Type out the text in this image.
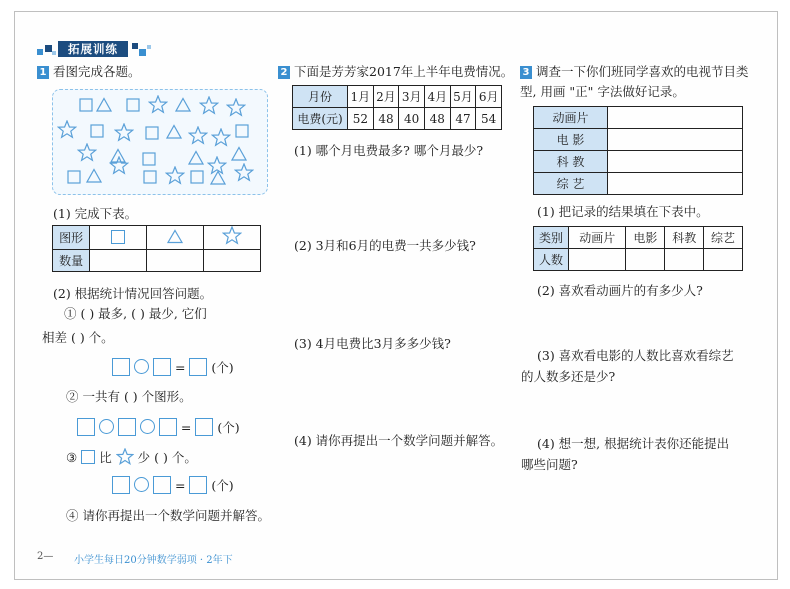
拓展训练
1 看图完成各题。
(1) 完成下表。
图形			
数量			
(2) 根据统计情况回答问题。
① ( ) 最多, ( ) 最少, 它们
相差 ( ) 个。
=  (个)
② 一共有 ( ) 个图形。
=  (个)
③ 比 少 ( ) 个。
=  (个)
④ 请你再提出一个数学问题并解答。
2 下面是芳芳家2017年上半年电费情况。
月份	1月	2月	3月	4月	5月	6月
电费(元)	52	48	40	48	47	54
(1) 哪个月电费最多? 哪个月最少?
(2) 3月和6月的电费一共多少钱?
(3) 4月电费比3月多多少钱?
(4) 请你再提出一个数学问题并解答。
3 调查一下你们班同学喜欢的电视节目类
型, 用画 "正" 字法做好记录。
动画片	
电 影	
科 教	
综 艺	
(1) 把记录的结果填在下表中。
类别	动画片	电影	科教	综艺
人数				
(2) 喜欢看动画片的有多少人?
(3) 喜欢看电影的人数比喜欢看综艺
的人数多还是少?
(4) 想一想, 根据统计表你还能提出
哪些问题?
2— 小学生每日20分钟数学弱项 · 2年下
